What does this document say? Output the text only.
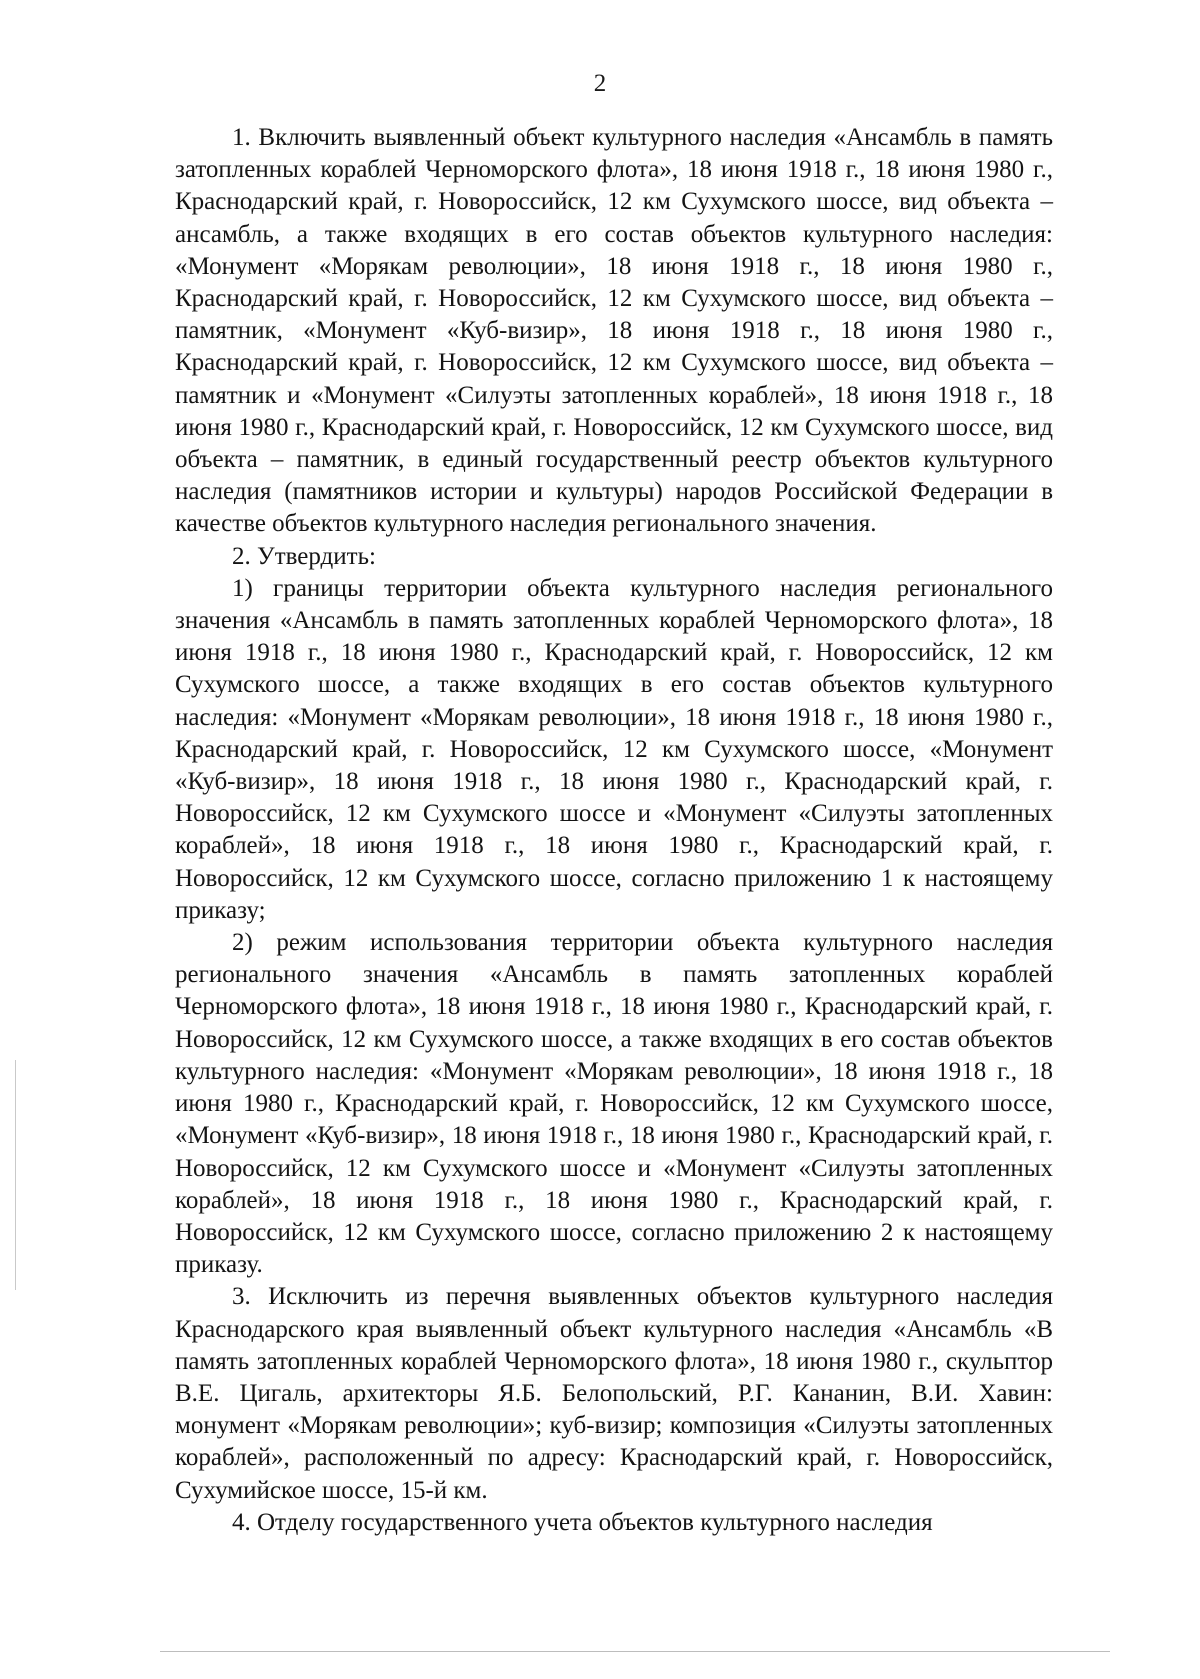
2

1. Включить выявленный объект культурного наследия «Ансамбль в память затопленных кораблей Черноморского флота», 18 июня 1918 г., 18 июня 1980 г., Краснодарский край, г. Новороссийск, 12 км Сухумского шоссе, вид объекта – ансамбль, а также входящих в его состав объектов культурного наследия: «Монумент «Морякам революции», 18 июня 1918 г., 18 июня 1980 г., Краснодарский край, г. Новороссийск, 12 км Сухумского шоссе, вид объекта – памятник, «Монумент «Куб-визир», 18 июня 1918 г., 18 июня 1980 г., Краснодарский край, г. Новороссийск, 12 км Сухумского шоссе, вид объекта – памятник и «Монумент «Силуэты затопленных кораблей», 18 июня 1918 г., 18 июня 1980 г., Краснодарский край, г. Новороссийск, 12 км Сухумского шоссе, вид объекта – памятник, в единый государственный реестр объектов культурного наследия (памятников истории и культуры) народов Российской Федерации в качестве объектов культурного наследия регионального значения.

2. Утвердить:

1) границы территории объекта культурного наследия регионального значения «Ансамбль в память затопленных кораблей Черноморского флота», 18 июня 1918 г., 18 июня 1980 г., Краснодарский край, г. Новороссийск, 12 км Сухумского шоссе, а также входящих в его состав объектов культурного наследия: «Монумент «Морякам революции», 18 июня 1918 г., 18 июня 1980 г., Краснодарский край, г. Новороссийск, 12 км Сухумского шоссе, «Монумент «Куб-визир», 18 июня 1918 г., 18 июня 1980 г., Краснодарский край, г. Новороссийск, 12 км Сухумского шоссе и «Монумент «Силуэты затопленных кораблей», 18 июня 1918 г., 18 июня 1980 г., Краснодарский край, г. Новороссийск, 12 км Сухумского шоссе, согласно приложению 1 к настоящему приказу;

2) режим использования территории объекта культурного наследия регионального значения «Ансамбль в память затопленных кораблей Черноморского флота», 18 июня 1918 г., 18 июня 1980 г., Краснодарский край, г. Новороссийск, 12 км Сухумского шоссе, а также входящих в его состав объектов культурного наследия: «Монумент «Морякам революции», 18 июня 1918 г., 18 июня 1980 г., Краснодарский край, г. Новороссийск, 12 км Сухумского шоссе, «Монумент «Куб-визир», 18 июня 1918 г., 18 июня 1980 г., Краснодарский край, г. Новороссийск, 12 км Сухумского шоссе и «Монумент «Силуэты затопленных кораблей», 18 июня 1918 г., 18 июня 1980 г., Краснодарский край, г. Новороссийск, 12 км Сухумского шоссе, согласно приложению 2 к настоящему приказу.

3. Исключить из перечня выявленных объектов культурного наследия Краснодарского края выявленный объект культурного наследия «Ансамбль «В память затопленных кораблей Черноморского флота», 18 июня 1980 г., скульптор В.Е. Цигаль, архитекторы Я.Б. Белопольский, Р.Г. Кананин, В.И. Хавин: монумент «Морякам революции»; куб-визир; композиция «Силуэты затопленных кораблей», расположенный по адресу: Краснодарский край, г. Новороссийск, Сухумийское шоссе, 15-й км.

4. Отделу государственного учета объектов культурного наследия
